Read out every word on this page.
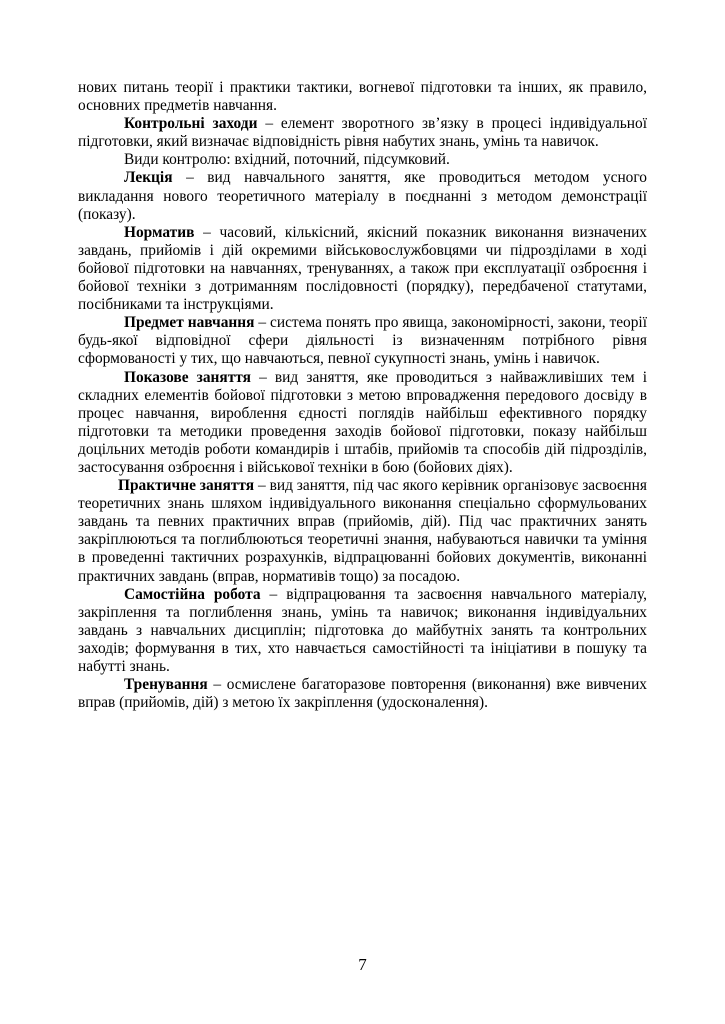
нових питань теорії і практики тактики, вогневої підготовки та інших, як правило, основних предметів навчання.

Контрольні заходи – елемент зворотного зв’язку в процесі індивідуальної підготовки, який визначає відповідність рівня набутих знань, умінь та навичок.

Види контролю: вхідний, поточний, підсумковий.

Лекція – вид навчального заняття, яке проводиться методом усного викладання нового теоретичного матеріалу в поєднанні з методом демонстрації (показу).

Норматив – часовий, кількісний, якісний показник виконання визначених завдань, прийомів і дій окремими військовослужбовцями чи підрозділами в ході бойової підготовки на навчаннях, тренуваннях, а також при експлуатації озброєння і бойової техніки з дотриманням послідовності (порядку), передбаченої статутами, посібниками та інструкціями.

Предмет навчання – система понять про явища, закономірності, закони, теорії будь-якої відповідної сфери діяльності із визначенням потрібного рівня сформованості у тих, що навчаються, певної сукупності знань, умінь і навичок.

Показове заняття – вид заняття, яке проводиться з найважливіших тем і складних елементів бойової підготовки з метою впровадження передового досвіду в процес навчання, вироблення єдності поглядів найбільш ефективного порядку підготовки та методики проведення заходів бойової підготовки, показу найбільш доцільних методів роботи командирів і штабів, прийомів та способів дій підрозділів, застосування озброєння і військової техніки в бою (бойових діях).

Практичне заняття – вид заняття, під час якого керівник організовує засвоєння теоретичних знань шляхом індивідуального виконання спеціально сформульованих завдань та певних практичних вправ (прийомів, дій). Під час практичних занять закріплюються та поглиблюються теоретичні знання, набуваються навички та уміння в проведенні тактичних розрахунків, відпрацюванні бойових документів, виконанні практичних завдань (вправ, нормативів тощо) за посадою.

Самостійна робота – відпрацювання та засвоєння навчального матеріалу, закріплення та поглиблення знань, умінь та навичок; виконання індивідуальних завдань з навчальних дисциплін; підготовка до майбутніх занять та контрольних заходів; формування в тих, хто навчається самостійності та ініціативи в пошуку та набутті знань.

Тренування – осмислене багаторазове повторення (виконання) вже вивчених вправ (прийомів, дій) з метою їх закріплення (удосконалення).

7
